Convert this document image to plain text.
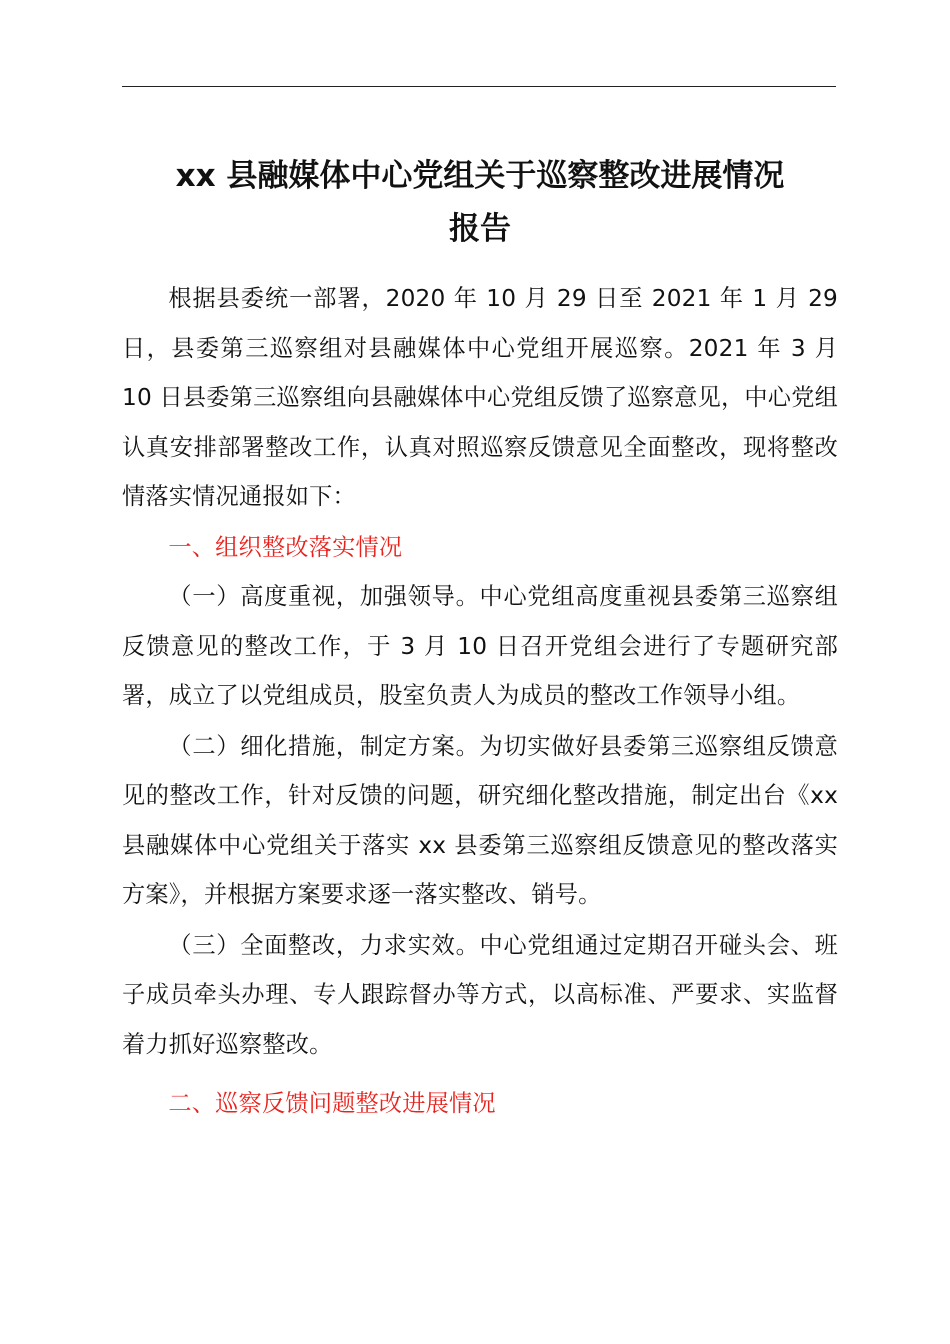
xx 县融媒体中心党组关于巡察整改进展情况
报告

根据县委统一部署，2020 年 10 月 29 日至 2021 年 1 月 29 日，县委第三巡察组对县融媒体中心党组开展巡察。2021 年 3 月 10 日县委第三巡察组向县融媒体中心党组反馈了巡察意见，中心党组认真安排部署整改工作，认真对照巡察反馈意见全面整改，现将整改情落实情况通报如下：

一、组织整改落实情况

（一）高度重视，加强领导。中心党组高度重视县委第三巡察组反馈意见的整改工作，于 3 月 10 日召开党组会进行了专题研究部署，成立了以党组成员，股室负责人为成员的整改工作领导小组。

（二）细化措施，制定方案。为切实做好县委第三巡察组反馈意见的整改工作，针对反馈的问题，研究细化整改措施，制定出台《xx 县融媒体中心党组关于落实 xx 县委第三巡察组反馈意见的整改落实方案》，并根据方案要求逐一落实整改、销号。

（三）全面整改，力求实效。中心党组通过定期召开碰头会、班子成员牵头办理、专人跟踪督办等方式，以高标准、严要求、实监督着力抓好巡察整改。

二、巡察反馈问题整改进展情况
